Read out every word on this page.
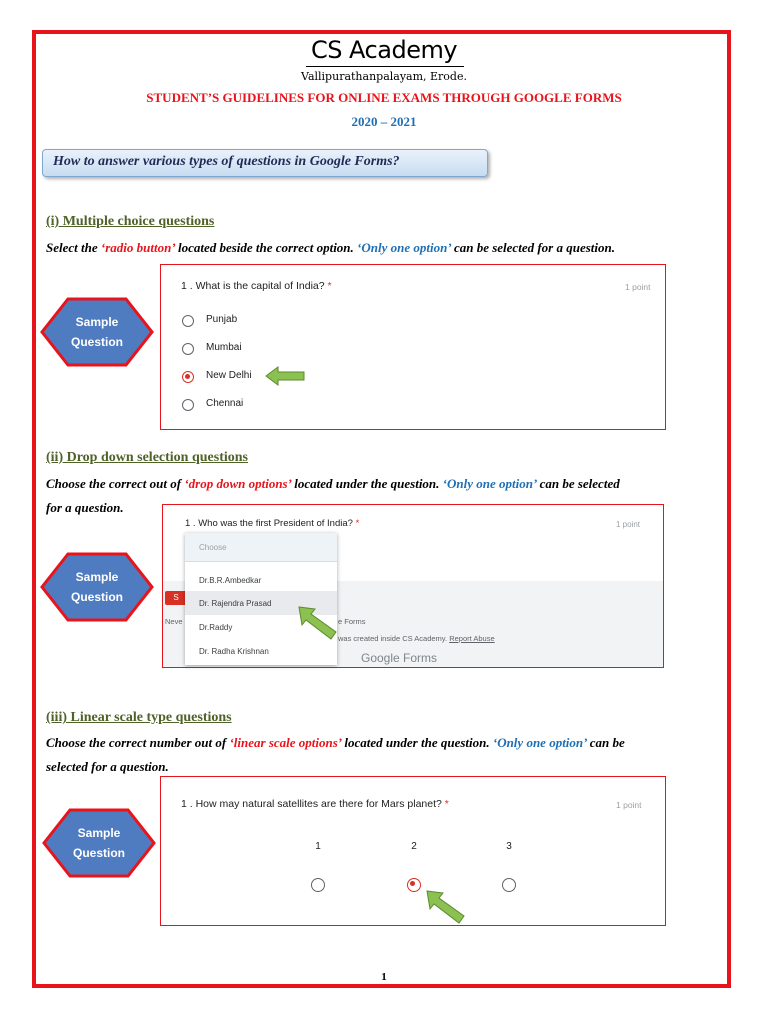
CS Academy
Vallipurathanpalayam, Erode.
STUDENT’S GUIDELINES FOR ONLINE EXAMS THROUGH GOOGLE FORMS
2020 – 2021
How to answer various types of questions in Google Forms?
(i) Multiple choice questions
Select the ‘radio button’ located beside the correct option. ‘Only one option’ can be selected for a question.
Sample
Question
1 . What is the capital of India? *	1 point
Punjab
Mumbai
New Delhi
Chennai
(ii) Drop down selection questions
Choose the correct out of ‘drop down options’ located under the question. ‘Only one option’ can be selected
for a question.
Sample
Question
1 . Who was the first President of India? *	1 point
S
Neve	e Forms
was created inside CS Academy. Report Abuse
Google Forms
Choose
Dr.B.R.Ambedkar
Dr. Rajendra Prasad
Dr.Raddy
Dr. Radha Krishnan
(iii) Linear scale type questions
Choose the correct number out of ‘linear scale options’ located under the question. ‘Only one option’ can be
selected for a question.
Sample
Question
1 . How may natural satellites are there for Mars planet? *	1 point
1	2	3
1
